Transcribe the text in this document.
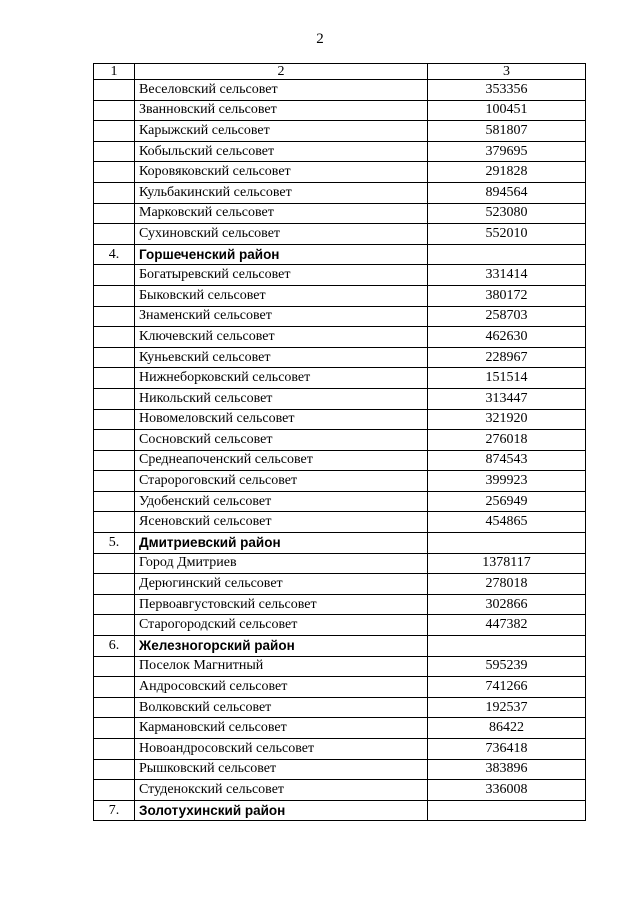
2
1	2	3
	Веселовский сельсовет	353356
	Званновский сельсовет	100451
	Карыжский сельсовет	581807
	Кобыльский сельсовет	379695
	Коровяковский сельсовет	291828
	Кульбакинский сельсовет	894564
	Марковский сельсовет	523080
	Сухиновский сельсовет	552010
4.	Горшеченский район	
	Богатыревский сельсовет	331414
	Быковский сельсовет	380172
	Знаменский сельсовет	258703
	Ключевский сельсовет	462630
	Куньевский сельсовет	228967
	Нижнеборковский сельсовет	151514
	Никольский сельсовет	313447
	Новомеловский сельсовет	321920
	Сосновский сельсовет	276018
	Среднеапоченский сельсовет	874543
	Старороговский сельсовет	399923
	Удобенский сельсовет	256949
	Ясеновский сельсовет	454865
5.	Дмитриевский район	
	Город Дмитриев	1378117
	Дерюгинский сельсовет	278018
	Первоавгустовский сельсовет	302866
	Старогородский сельсовет	447382
6.	Железногорский район	
	Поселок Магнитный	595239
	Андросовский сельсовет	741266
	Волковский сельсовет	192537
	Кармановский сельсовет	86422
	Новоандросовский сельсовет	736418
	Рышковский сельсовет	383896
	Студенокский сельсовет	336008
7.	Золотухинский район	
